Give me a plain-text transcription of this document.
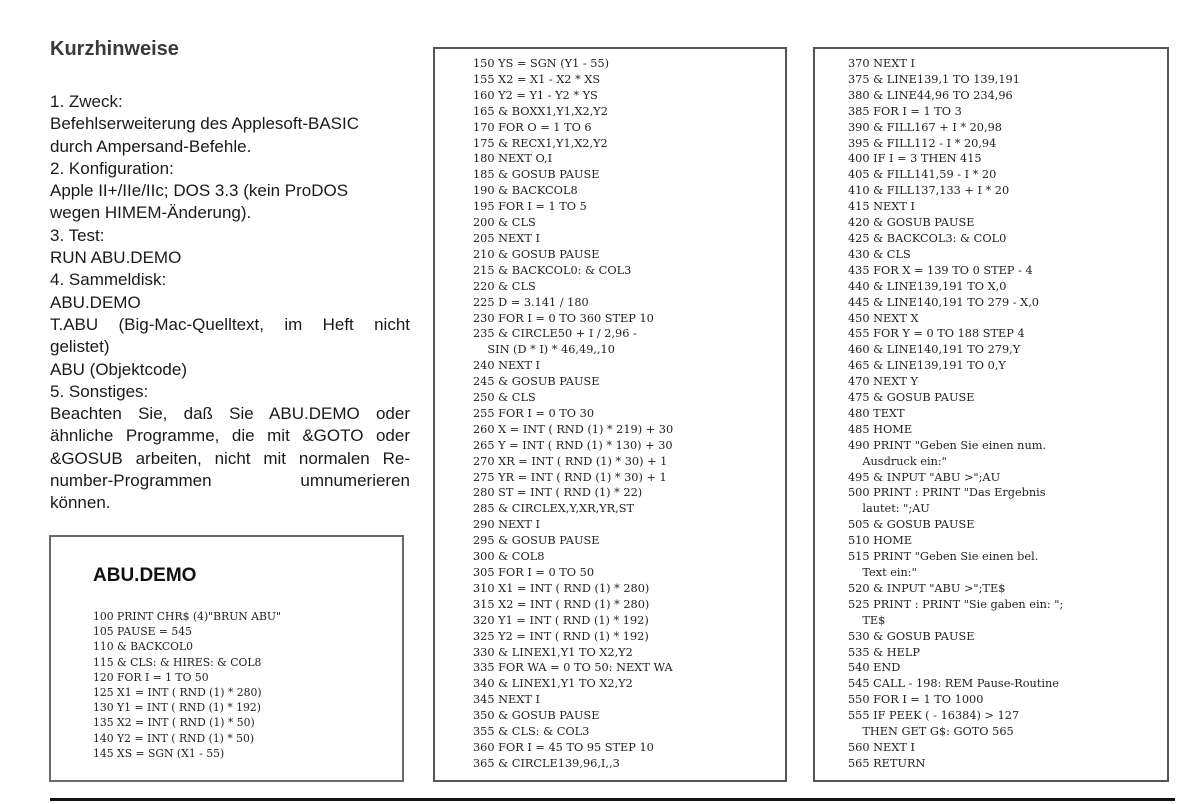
Kurzhinweise
1. Zweck:
Befehlserweiterung des Applesoft-BASIC
durch Ampersand-Befehle.
2. Konfiguration:
Apple II+/IIe/IIc; DOS 3.3 (kein ProDOS
wegen HIMEM-Änderung).
3. Test:
RUN ABU.DEMO
4. Sammeldisk:
ABU.DEMO
T.ABU (Big-Mac-Quelltext, im Heft nicht
gelistet)
ABU (Objektcode)
5. Sonstiges:
Beachten Sie, daß Sie ABU.DEMO oder
ähnliche Programme, die mit &GOTO oder
&GOSUB arbeiten, nicht mit normalen Re-
number-Programmen umnumerieren
können.
ABU.DEMO
100 PRINT CHR$ (4)"BRUN ABU"
105 PAUSE = 545
110 & BACKCOL0
115 & CLS: & HIRES: & COL8
120 FOR I = 1 TO 50
125 X1 = INT ( RND (1) * 280)
130 Y1 = INT ( RND (1) * 192)
135 X2 = INT ( RND (1) * 50)
140 Y2 = INT ( RND (1) * 50)
145 XS = SGN (X1 - 55)
150 YS = SGN (Y1 - 55)
155 X2 = X1 - X2 * XS
160 Y2 = Y1 - Y2 * YS
165 & BOXX1,Y1,X2,Y2
170 FOR O = 1 TO 6
175 & RECX1,Y1,X2,Y2
180 NEXT O,I
185 & GOSUB PAUSE
190 & BACKCOL8
195 FOR I = 1 TO 5
200 & CLS
205 NEXT I
210 & GOSUB PAUSE
215 & BACKCOL0: & COL3
220 & CLS
225 D = 3.141 / 180
230 FOR I = 0 TO 360 STEP 10
235 & CIRCLE50 + I / 2,96 -
SIN (D * I) * 46,49,,10
240 NEXT I
245 & GOSUB PAUSE
250 & CLS
255 FOR I = 0 TO 30
260 X = INT ( RND (1) * 219) + 30
265 Y = INT ( RND (1) * 130) + 30
270 XR = INT ( RND (1) * 30) + 1
275 YR = INT ( RND (1) * 30) + 1
280 ST = INT ( RND (1) * 22)
285 & CIRCLEX,Y,XR,YR,ST
290 NEXT I
295 & GOSUB PAUSE
300 & COL8
305 FOR I = 0 TO 50
310 X1 = INT ( RND (1) * 280)
315 X2 = INT ( RND (1) * 280)
320 Y1 = INT ( RND (1) * 192)
325 Y2 = INT ( RND (1) * 192)
330 & LINEX1,Y1 TO X2,Y2
335 FOR WA = 0 TO 50: NEXT WA
340 & LINEX1,Y1 TO X2,Y2
345 NEXT I
350 & GOSUB PAUSE
355 & CLS: & COL3
360 FOR I = 45 TO 95 STEP 10
365 & CIRCLE139,96,I,,3
370 NEXT I
375 & LINE139,1 TO 139,191
380 & LINE44,96 TO 234,96
385 FOR I = 1 TO 3
390 & FILL167 + I * 20,98
395 & FILL112 - I * 20,94
400 IF I = 3 THEN 415
405 & FILL141,59 - I * 20
410 & FILL137,133 + I * 20
415 NEXT I
420 & GOSUB PAUSE
425 & BACKCOL3: & COL0
430 & CLS
435 FOR X = 139 TO 0 STEP - 4
440 & LINE139,191 TO X,0
445 & LINE140,191 TO 279 - X,0
450 NEXT X
455 FOR Y = 0 TO 188 STEP 4
460 & LINE140,191 TO 279,Y
465 & LINE139,191 TO 0,Y
470 NEXT Y
475 & GOSUB PAUSE
480 TEXT
485 HOME
490 PRINT "Geben Sie einen num.
Ausdruck ein:"
495 & INPUT "ABU >";AU
500 PRINT : PRINT "Das Ergebnis
lautet: ";AU
505 & GOSUB PAUSE
510 HOME
515 PRINT "Geben Sie einen bel.
Text ein:"
520 & INPUT "ABU >";TE$
525 PRINT : PRINT "Sie gaben ein: ";
TE$
530 & GOSUB PAUSE
535 & HELP
540 END
545 CALL - 198: REM Pause-Routine
550 FOR I = 1 TO 1000
555 IF PEEK ( - 16384) > 127
THEN GET G$: GOTO 565
560 NEXT I
565 RETURN
